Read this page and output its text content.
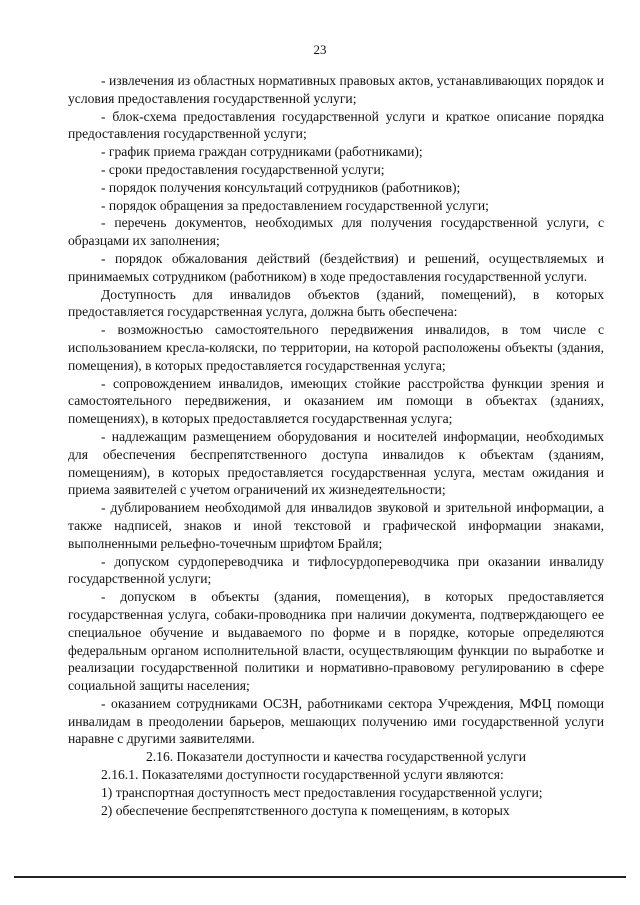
23

- извлечения из областных нормативных правовых актов, устанавливающих порядок и условия предоставления государственной услуги;

- блок-схема предоставления государственной услуги и краткое описание порядка предоставления государственной услуги;

- график приема граждан сотрудниками (работниками);

- сроки предоставления государственной услуги;

- порядок получения консультаций сотрудников (работников);

- порядок обращения за предоставлением государственной услуги;

- перечень документов, необходимых для получения государственной услуги, с образцами их заполнения;

- порядок обжалования действий (бездействия) и решений, осуществляемых и принимаемых сотрудником (работником) в ходе предоставления государственной услуги.

Доступность для инвалидов объектов (зданий, помещений), в которых предоставляется государственная услуга, должна быть обеспечена:

- возможностью самостоятельного передвижения инвалидов, в том числе с использованием кресла-коляски, по территории, на которой расположены объекты (здания, помещения), в которых предоставляется государственная услуга;

- сопровождением инвалидов, имеющих стойкие расстройства функции зрения и самостоятельного передвижения, и оказанием им помощи в объектах (зданиях, помещениях), в которых предоставляется государственная услуга;

- надлежащим размещением оборудования и носителей информации, необходимых для обеспечения беспрепятственного доступа инвалидов к объектам (зданиям, помещениям), в которых предоставляется государственная услуга, местам ожидания и приема заявителей с учетом ограничений их жизнедеятельности;

- дублированием необходимой для инвалидов звуковой и зрительной информации, а также надписей, знаков и иной текстовой и графической информации знаками, выполненными рельефно-точечным шрифтом Брайля;

- допуском сурдопереводчика и тифлосурдопереводчика при оказании инвалиду государственной услуги;

- допуском в объекты (здания, помещения), в которых предоставляется государственная услуга, собаки-проводника при наличии документа, подтверждающего ее специальное обучение и выдаваемого по форме и в порядке, которые определяются федеральным органом исполнительной власти, осуществляющим функции по выработке и реализации государственной политики и нормативно-правовому регулированию в сфере социальной защиты населения;

- оказанием сотрудниками ОСЗН, работниками сектора Учреждения, МФЦ помощи инвалидам в преодолении барьеров, мешающих получению ими государственной услуги наравне с другими заявителями.

2.16. Показатели доступности и качества государственной услуги

2.16.1. Показателями доступности государственной услуги являются:

1) транспортная доступность мест предоставления государственной услуги;

2) обеспечение беспрепятственного доступа к помещениям, в которых
